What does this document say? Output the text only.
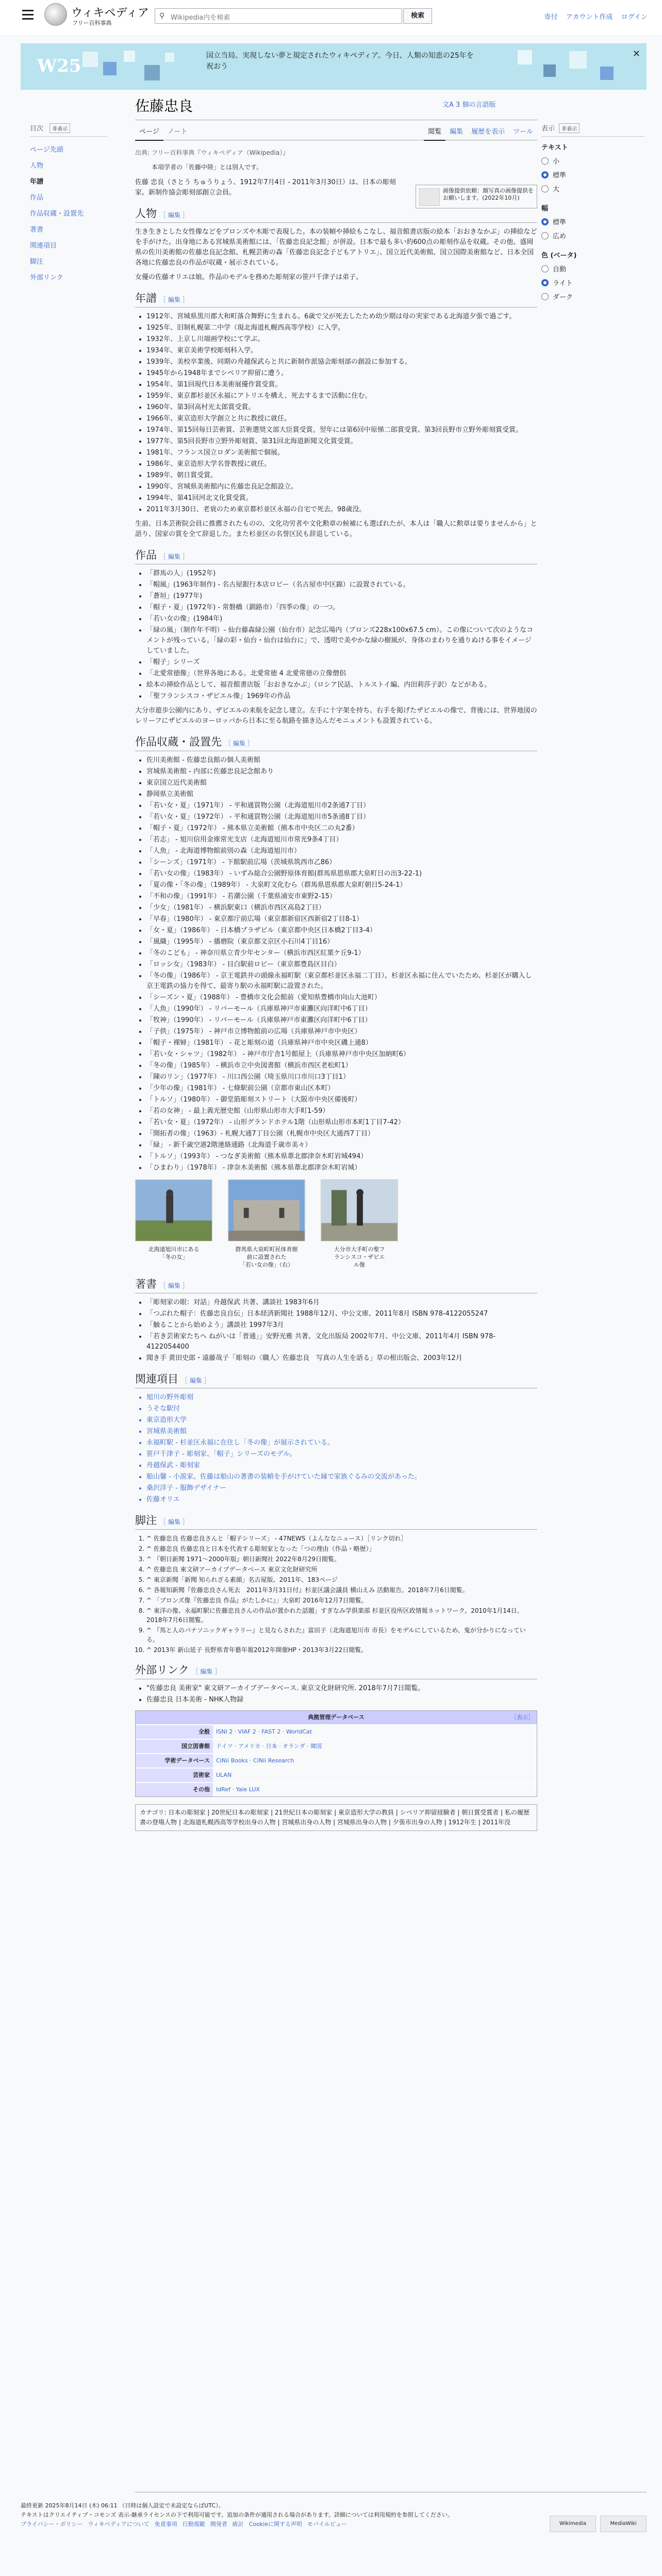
ウィキペディア
フリー百科事典
⚲ Wikipedia内を検索	検索	寄付 アカウント作成 ログイン
W25	国立当局、実現しない夢と規定されたウィキペディア。今日、人類の知恵の25年を祝おう
✕
目次 非表示
ページ先頭
人物
年譜
作品
作品収蔵・設置先
著書
関連項目
脚注
外部リンク
佐藤忠良	文A 3 個の言語版
ページ ノート	閲覧 編集 履歴を表示 ツール	表示 非表示
テキスト
小
標準
大
幅
標準
広め
色 (ベータ)
自動
ライト
ダーク
出典: フリー百科事典『ウィキペディア（Wikipedia）』
本項学者の「佐藤中陸」とは別人です。
画像提供依頼：顔写真の画像提供をお願いします。(2022年10月)

佐藤 忠良（さとう ちゅうりょう、1912年7月4日 - 2011年3月30日）は、日本の彫刻家。新制作協会彫刻部創立会員。

人物 ［ 編集 ］

生き生きとした女性像などをブロンズや木彫で表現した。本の装幀や挿絵もこなし、福音館書店版の絵本「おおきなかぶ」の挿絵などを手がけた。出身地にある宮城県美術館には、「佐藤忠良記念館」が併設。日本で最も多い約600点の彫刻作品を収蔵。その他、盛岡県の佐川美術館の佐藤忠良記念館、札幌芸術の森「佐藤忠良記念子どもアトリエ」、国立近代美術館、国立国際美術館など、日本全国各地に佐藤忠良の作品が収蔵・展示されている。

女優の佐藤オリエは娘。作品のモデルを務めた彫刻家の笹戸千津子は弟子。

年譜 ［ 編集 ］
• 1912年、宮城県黒川郡大和町落合舞野に生まれる。6歳で父が死去したため幼少期は母の実家である北海道夕張で過ごす。
• 1925年、旧制札幌第二中学（現北海道札幌西高等学校）に入学。
• 1932年、上京し川端画学校にて学ぶ。
• 1934年、東京美術学校彫刻科入学。
• 1939年、美校卒業後、同期の舟越保武らと共に新制作派協会彫刻部の創設に参加する。
• 1945年から1948年までシベリア抑留に遭う。
• 1954年、第1回現代日本美術展優作賞受賞。
• 1959年、東京都杉並区永福にアトリエを構え、死去するまで活動に住む。
• 1960年、第3回高村光太郎賞受賞。
• 1966年、東京造形大学創立と共に教授に就任。
• 1974年、第15回毎日芸術賞、芸術選奨文部大臣賞受賞。翌年には第6回中原悌二郎賞受賞、第3回長野市立野外彫刻賞受賞。
• 1977年、第5回長野市立野外彫刻賞、第31回北海道新聞文化賞受賞。
• 1981年、フランス国立ロダン美術館で個展。
• 1986年、東京造形大学名誉教授に就任。
• 1989年、朝日賞受賞。
• 1990年、宮城県美術館内に佐藤忠良記念館設立。
• 1994年、第41回河北文化賞受賞。
• 2011年3月30日、老衰のため東京都杉並区永福の自宅で死去。98歳没。

生前、日本芸術院会員に推薦されたものの、文化功労者や文化勲章の候補にも選ばれたが、本人は「職人に勲章は要りませんから」と語り、国家の賞を全て辞退した。また杉並区の名誉区民も辞退している。

作品 ［ 編集 ］
• 「群馬の人」(1952年)
• 「帽風」(1963年制作) - 名古屋銀行本店ロビー（名古屋市中区錦）に設置されている。
• 「蒼垣」(1977年)
• 「帽子・夏」(1972年) - 常磐橋（釧路市）「四季の像」の一つ。
• 「若い女の像」(1984年)
• 「緑の風」（制作年不明）- 仙台藤森緑公園（仙台市）記念広場内（ブロンズ228x100x67.5 cm）。この像について次のようなコメントが残っている。「緑の彩・仙台・仙台は仙台に」で、透明で美やかな緑の樹風が、身体のまわりを通りぬける事をイメージしていました。
• 「帽子」シリーズ
• 「北愛常徳像」（世界各地にある。北愛常徳 4 北愛常徳の立像僧侶
• 絵本の挿絵作品として、福音館書店版「おおきなかぶ」（ロシア民話、トルストイ編、内田莉莎子訳）などがある。
• 「聖フランシスコ・ザビエル像」1969年の作品

大分市遊歩公園内にあり、ザビエルの来航を記念し建立。左手に十字架を持ち、右手を掲げたザビエルの像で、背後には、世界地図のレリーフにザビエルのヨーロッパから日本に至る航路を描き込んだモニュメントも設置されている。

作品収蔵・設置先 ［ 編集 ］
• 佐川美術館 - 佐藤忠良館の個人美術館
• 宮城県美術館 - 内部に佐藤忠良記念館あり
• 東京国立近代美術館
• 静岡県立美術館
• 「若い女・夏」（1971年） - 平和通買物公園（北海道旭川市2条通7丁目）
• 「若い女・夏」（1972年） - 平和通買物公園（北海道旭川市5条通8丁目）
• 「帽子・夏」（1972年） - 熊本県立美術館（熊本市中央区二の丸2番）
• 「若志」 - 旭川信用金庫常光支店（北海道旭川市常光9条4丁目）
• 「人魚」 - 北海道博物館前別の森（北海道旭川市）
• 「シーンズ」（1971年） - 下館駅前広場（茨城県筑西市乙86）
• 「若い女の像」（1983年） - いずみ総合公園野原体育館(群馬県恩県郡大泉町日の出3-22-1)
• 「夏の像・「冬の像」（1989年） - 大泉町文化むら（群馬県恩県郡大泉町朝日5-24-1）
• 「不和の像」（1991年） - 若潮公園（千葉県浦安市東野2-15）
• 「少女」（1981年） - 横浜駅東口（横浜市西区高島2丁目）
• 「早春」（1980年） - 東京都庁前広場（東京都新宿区西新宿2丁目8-1）
• 「女・夏」（1986年） - 日本橋プラザビル（東京都中央区日本橋2丁目3-4）
• 「風織」（1995年） - 播磨院（東京都文京区小石川4丁目16）
• 「冬のこども」 - 神奈川県立青少年センター（横浜市西区紅葉ケ丘9-1）
• 「ロッシ女」（1983年） - 目白駅前ロビー（東京都豊島区目白）
• 「冬の像」（1986年） - 京王電鉄井の頭線永福町駅（東京都杉並区永福二丁目）。杉並区永福に住んでいたため、杉並区が購入し京王電鉄の協力を得て、最寄り駅の永福町駅に設置された。
• 「シーズン・夏」（1988年） - 豊橋市文化会館前（愛知県豊橋市向山大池町）
• 「人魚」（1990年） - リバーモール（兵庫県神戸市東灘区向洋町中6丁目）
• 「牧神」（1990年） - リバーモール（兵庫県神戸市東灘区向洋町中6丁目）
• 「子供」（1975年） - 神戸市立博物館前の広場（兵庫県神戸市中央区）
• 「帽子・裸婦」（1981年） - 花と彫刻の道（兵庫県神戸市中央区磯上通8）
• 「若い女・シャツ」（1982年） - 神戸市庁舎1号館屋上（兵庫県神戸市中央区加納町6）
• 「冬の像」（1985年） - 横浜市立中央図書館（横浜市西区老松町1）
• 「陳のリン」（1977年） - 川口西公園（埼玉県川口市川口3丁目1）
• 「少年の像」（1981年） - 七條駅前公園（京都市東山区本町）
• 「トルソ」（1980年） - 御堂筋彫刻ストリート（大阪市中央区備後町）
• 「若の女神」 - 最上義光歴史館（山形県山形市大手町1-59）
• 「若い女・夏」（1972年） - 山形グランドホテル1階（山形県山形市本町1丁目7-42）
• 「開拓者の像」（1963）- 札幌大通7丁目公園（札幌市中央区大通西7丁目）
• 「緑」 - 新千歳空港2階連絡通路（北海道千歳市美々）
• 「トルソ」（1993年） - つなぎ美術館（熊本県葦北郡津奈木町岩城494）
• 「ひまわり」（1978年） - 津奈木美術館（熊本県葦北郡津奈木町岩城）
北海道旭川市にある
「冬の女」
群馬県大泉町町民体育館
前に設置された
「若い女の像」（右）
大分市大手町の聖フ
ランシスコ・ザビエ
ル像
著書 ［ 編集 ］
• 「彫刻家の眼：対話」舟越保武 共著、講談社 1983年6月
• 「つぶれた帽子：佐藤忠良自伝」日本経済新聞社 1988年12月、中公文庫、2011年8月 ISBN 978-4122055247
• 「触ることから始めよう」講談社 1997年3月
• 「若き芸術家たちへ ねがいは「普通」」安野光雅 共著、文化出版局 2002年7月、中公文庫、2011年4月 ISBN 978-4122054400
• 聞き手 黄田史郎・遠藤哉子「彫刻の〈職人〉佐藤忠良　写真の人生を語る」草の根出版会、2003年12月
関連項目 ［ 編集 ］
• 旭川の野外彫刻
• うそな駅付
• 東京造形大学
• 宮城県美術館
• 永福町駅 - 杉並区永福に在住し「冬の像」が展示されている。
• 笹戸千津子 - 彫刻家、「帽子」シリーズのモデル。
• 舟越保武 - 彫刻家
• 船山馨 - 小説家。佐藤は船山の著書の装幀を手がけていた縁で家族ぐるみの交流があった。
• 桑沢洋子 - 服飾デザイナー
• 佐藤オリエ
脚注 ［ 編集 ］
1. ^ 佐藤忠良 佐藤忠良さんと「帽子シリーズ」 - 47NEWS（よんななニュース）［リンク切れ］
2. ^ 佐藤忠良 佐藤忠良と日本を代表する彫刻家となった「つの理由（作品・略歴）」
3. ^ 『朝日新聞 1971～2000年版』朝日新聞社 2022年8月29日閲覧。
4. ^ 佐藤忠良 東文研アーカイブデータベース 東京文化財研究所
5. ^ 東京新聞「新聞 知られざる素顔」名古屋版、2011年、183ページ
6. ^ 各報知新聞『佐藤忠良さん死去　2011年3月31日付』杉並区議会議員 横山えみ 活動報告。2018年7月6日閲覧。
7. ^ 「ブロンズ像『佐藤忠良 作品』がたしかに』」大泉町 2016年12月7日閲覧。
8. ^ 東洋の像、永福町駅に佐藤忠良さんの作品が置かれた話題」すぎなみ学倶楽部 杉並区役所区政情報ネットワーク。2010年1月14日、2018年7月6日閲覧。
9. ^ 『馬と人のパナソニックギャラリー』と見ならされた』富田子（北海道旭川市 市長）をモデルにしているため、鬼が分かりになっている。
10. ^ 2013年 新山延子 長野県青年藝年報2012年開催HP・2013年3月22日閲覧。
外部リンク ［ 編集 ］
• "佐藤忠良 美術家" 東文研アーカイブデータベース. 東京文化財研究所. 2018年7月7日閲覧。
• 佐藤忠良 日本美術 - NHK人物録
典拠管理データベース	［表示］
全般	ISNI 2 · VIAF 2 · FAST 2 · WorldCat
国立図書館	ドイツ · アメリカ · 日本 · オランダ · 韓国
学術データベース	CiNii Books · CiNii Research
芸術家	ULAN
その他	IdRef · Yale LUX
カテゴリ: 日本の彫刻家 | 20世紀日本の彫刻家 | 21世紀日本の彫刻家 | 東京造形大学の教員 | シベリア抑留経験者 | 朝日賞受賞者 | 私の履歴書の登場人物 | 北海道札幌西高等学校出身の人物 | 宮城県出身の人物 | 宮城県出身の人物 | 夕張市出身の人物 | 1912年生 | 2011年没
最終更新 2025年8月14日 (木) 06:11 （日時は個人設定で未設定ならばUTC）。
テキストはクリエイティブ・コモンズ 表示-継承ライセンスの下で利用可能です。追加の条件が適用される場合があります。詳細については利用規約を参照してください。
プライバシー・ポリシー ウィキペディアについて 免責事項 行動規範 開発者 統計 Cookieに関する声明 モバイルビュー	Wikimedia	MediaWiki
